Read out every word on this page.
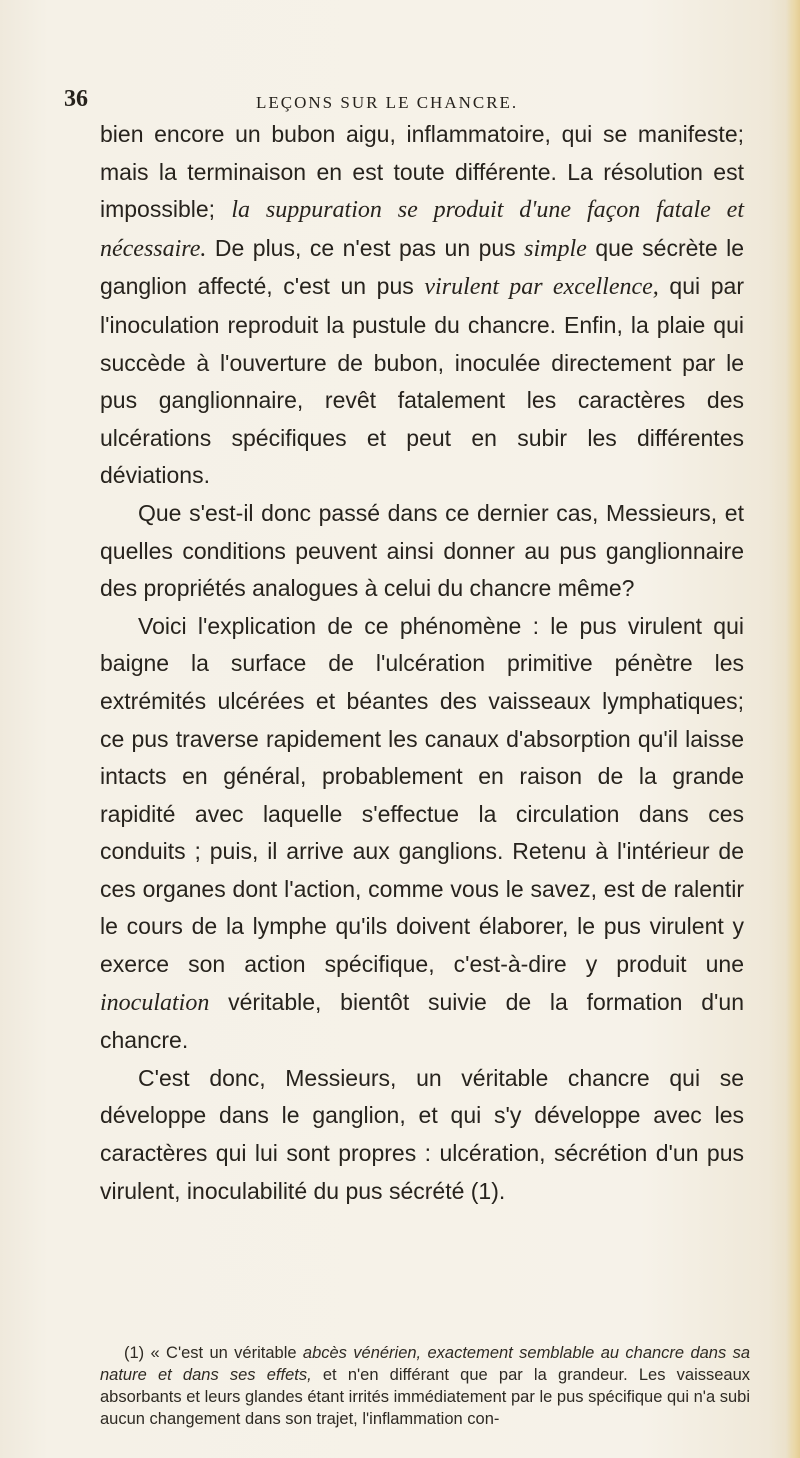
36	LEÇONS SUR LE CHANCRE.

bien encore un bubon aigu, inflammatoire, qui se manifeste; mais la terminaison en est toute différente. La résolution est impossible; la suppuration se produit d'une façon fatale et nécessaire. De plus, ce n'est pas un pus simple que sécrète le ganglion affecté, c'est un pus virulent par excellence, qui par l'inoculation reproduit la pustule du chancre. Enfin, la plaie qui succède à l'ouverture de bubon, inoculée directement par le pus ganglionnaire, revêt fatalement les caractères des ulcérations spécifiques et peut en subir les différentes déviations.

Que s'est-il donc passé dans ce dernier cas, Messieurs, et quelles conditions peuvent ainsi donner au pus ganglionnaire des propriétés analogues à celui du chancre même?

Voici l'explication de ce phénomène : le pus virulent qui baigne la surface de l'ulcération primitive pénètre les extrémités ulcérées et béantes des vaisseaux lymphatiques; ce pus traverse rapidement les canaux d'absorption qu'il laisse intacts en général, probablement en raison de la grande rapidité avec laquelle s'effectue la circulation dans ces conduits ; puis, il arrive aux ganglions. Retenu à l'intérieur de ces organes dont l'action, comme vous le savez, est de ralentir le cours de la lymphe qu'ils doivent élaborer, le pus virulent y exerce son action spécifique, c'est-à-dire y produit une inoculation véritable, bientôt suivie de la formation d'un chancre.

C'est donc, Messieurs, un véritable chancre qui se développe dans le ganglion, et qui s'y développe avec les caractères qui lui sont propres : ulcération, sécrétion d'un pus virulent, inoculabilité du pus sécrété (1).

(1) « C'est un véritable abcès vénérien, exactement semblable au chancre dans sa nature et dans ses effets, et n'en différant que par la grandeur. Les vaisseaux absorbants et leurs glandes étant irrités immédiatement par le pus spécifique qui n'a subi aucun changement dans son trajet, l'inflammation con-
